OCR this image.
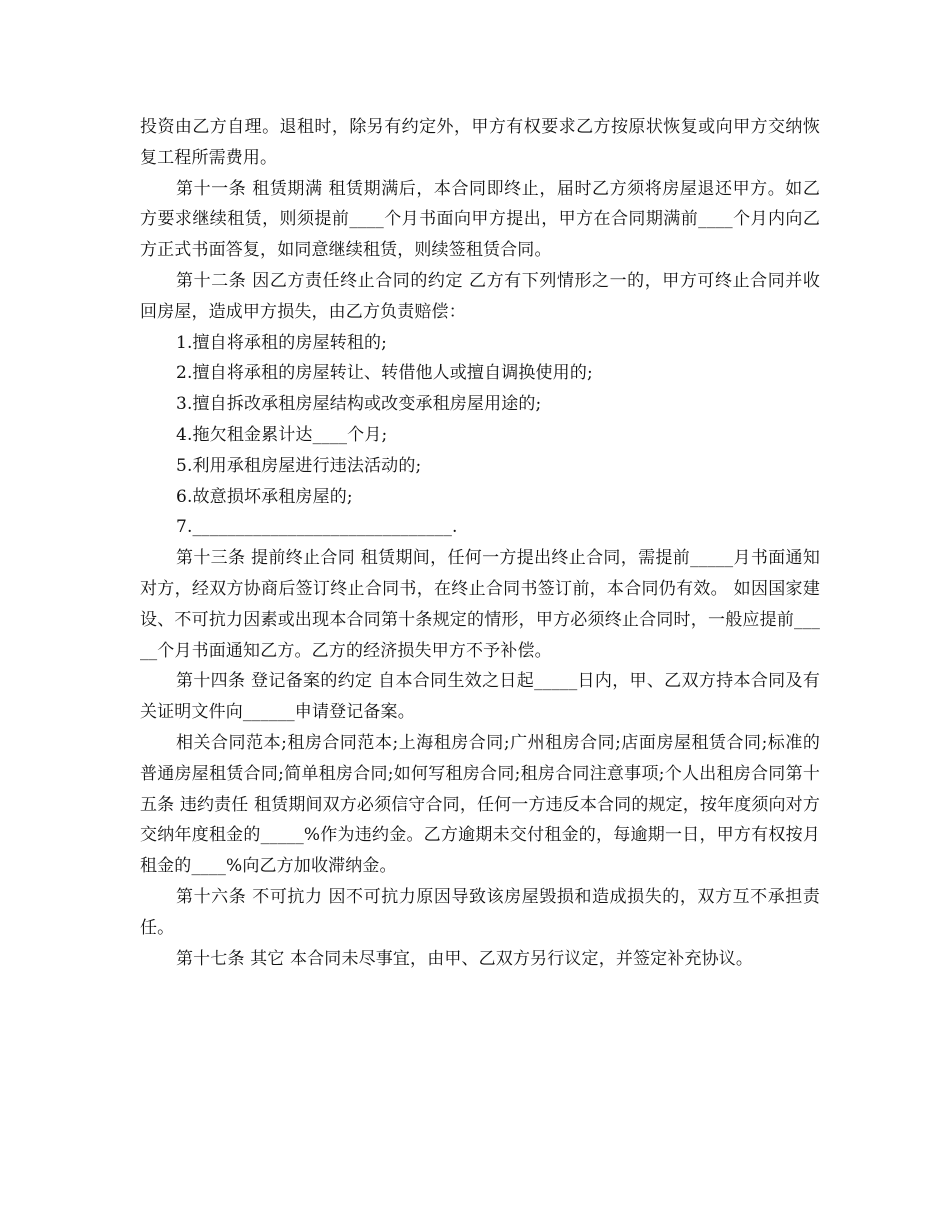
投资由乙方自理。退租时，除另有约定外，甲方有权要求乙方按原状恢复或向甲方交纳恢复工程所需费用。

第十一条 租赁期满 租赁期满后，本合同即终止，届时乙方须将房屋退还甲方。如乙方要求继续租赁，则须提前____个月书面向甲方提出，甲方在合同期满前____个月内向乙方正式书面答复，如同意继续租赁，则续签租赁合同。

第十二条 因乙方责任终止合同的约定 乙方有下列情形之一的，甲方可终止合同并收回房屋，造成甲方损失，由乙方负责赔偿：

1.擅自将承租的房屋转租的;

2.擅自将承租的房屋转让、转借他人或擅自调换使用的;

3.擅自拆改承租房屋结构或改变承租房屋用途的;

4.拖欠租金累计达____个月;

5.利用承租房屋进行违法活动的;

6.故意损坏承租房屋的;

7.______________________________.

第十三条 提前终止合同 租赁期间，任何一方提出终止合同，需提前_____月书面通知对方，经双方协商后签订终止合同书，在终止合同书签订前，本合同仍有效。 如因国家建设、不可抗力因素或出现本合同第十条规定的情形，甲方必须终止合同时，一般应提前_____个月书面通知乙方。乙方的经济损失甲方不予补偿。

第十四条 登记备案的约定 自本合同生效之日起_____日内，甲、乙双方持本合同及有关证明文件向______申请登记备案。

相关合同范本;租房合同范本;上海租房合同;广州租房合同;店面房屋租赁合同;标准的普通房屋租赁合同;简单租房合同;如何写租房合同;租房合同注意事项;个人出租房合同第十五条 违约责任 租赁期间双方必须信守合同，任何一方违反本合同的规定，按年度须向对方交纳年度租金的_____%作为违约金。乙方逾期未交付租金的，每逾期一日，甲方有权按月租金的____%向乙方加收滞纳金。

第十六条 不可抗力 因不可抗力原因导致该房屋毁损和造成损失的，双方互不承担责任。

第十七条 其它 本合同未尽事宜，由甲、乙双方另行议定，并签定补充协议。
